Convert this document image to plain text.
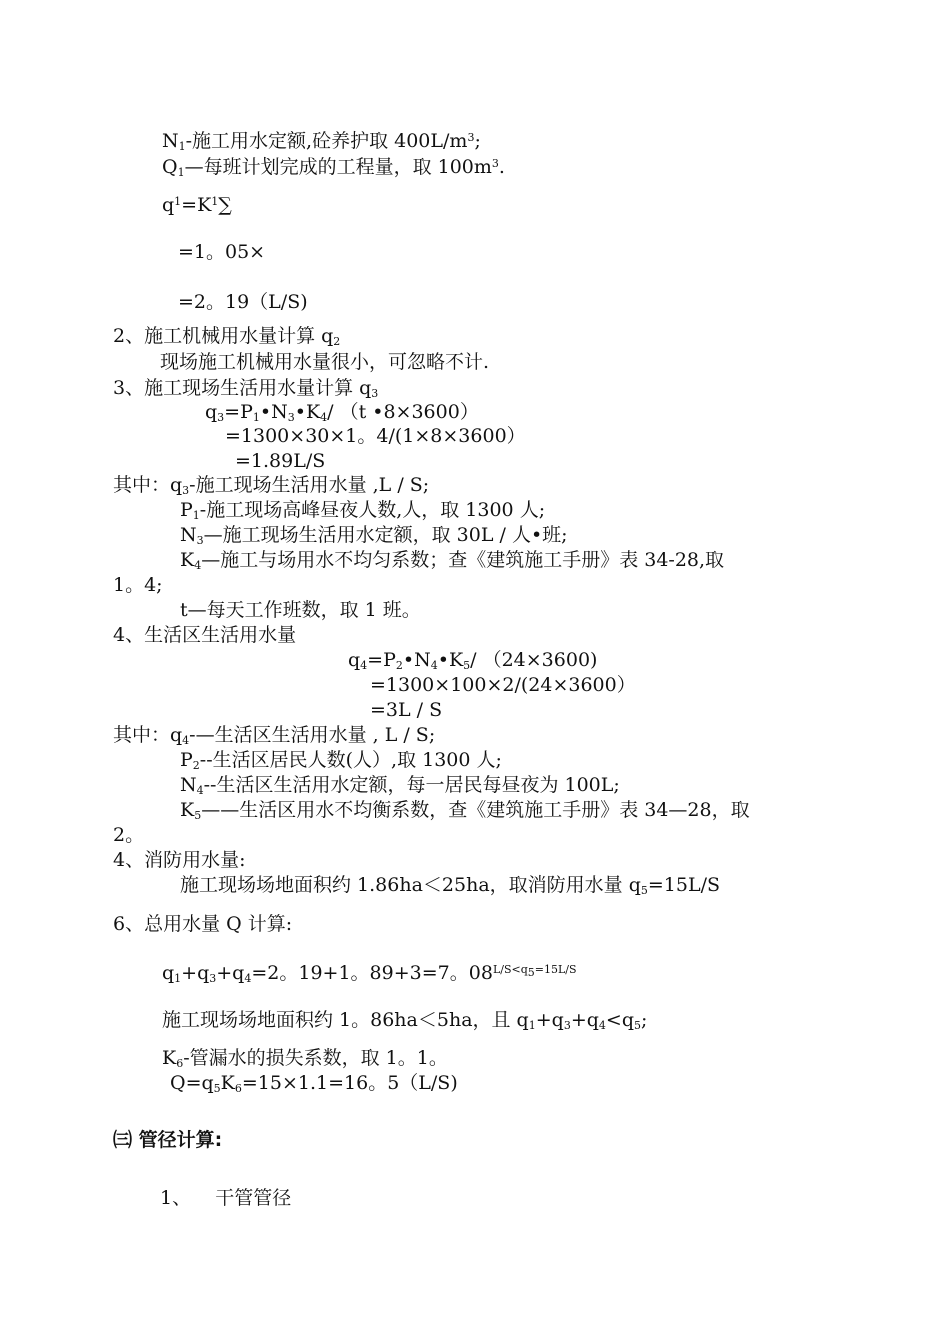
$N_1-$施工用水定额,砼养护取 $400L/m^3$;
$Q_1—$每班计划完成的工程量，取 $100m^3$.
$q^1=K^1\sum$
=1。05×
=2。19（L/S)
2、施工机械用水量计算 $q_2$
现场施工机械用水量很小，可忽略不计.
3、施工现场生活用水量计算 $q_3$
$q_3=P_1•N_3•K_4/$ （t •8×3600）
=1300×30×1。4/(1×8×3600）
=1.89L/S
其中：$q_3-$施工现场生活用水量 ,L / S;
$P_1-$施工现场高峰昼夜人数,人，取 1300 人;
$N_3—$施工现场生活用水定额，取 30L / 人•班;
$K_4—$施工与场用水不均匀系数；查《建筑施工手册》表 34-28,取
1。4;
t—每天工作班数，取 1 班。
4、生活区生活用水量
$q_4=P_2•N_4•K_5/$ （24×3600)
=1300×100×2/(24×3600）
=3L / S
其中：$q_4-—$生活区生活用水量 , L / S;
$P_2--$生活区居民人数(人）,取 1300 人;
$N_4--$生活区生活用水定额，每一居民每昼夜为 100L;
$K_5——$生活区用水不均衡系数，查《建筑施工手册》表 34—28，取
2。
4、消防用水量:
施工现场场地面积约 1.86ha＜25ha，取消防用水量 $q_5=15L/S$
6、总用水量 Q 计算:
$q_1+q_3+q_4=2$。19+1。89+3=7。$08^{L/S<q_5=15L/S}$
施工现场场地面积约 1。86ha＜5ha，且 $q_1+q_3+q_4<q_5$;
$K_6-$管漏水的损失系数，取 1。1。
$Q=q_5K_6=15\times 1.1=16$。5（L/S)
㈢ 管径计算:
1、    干管管径
